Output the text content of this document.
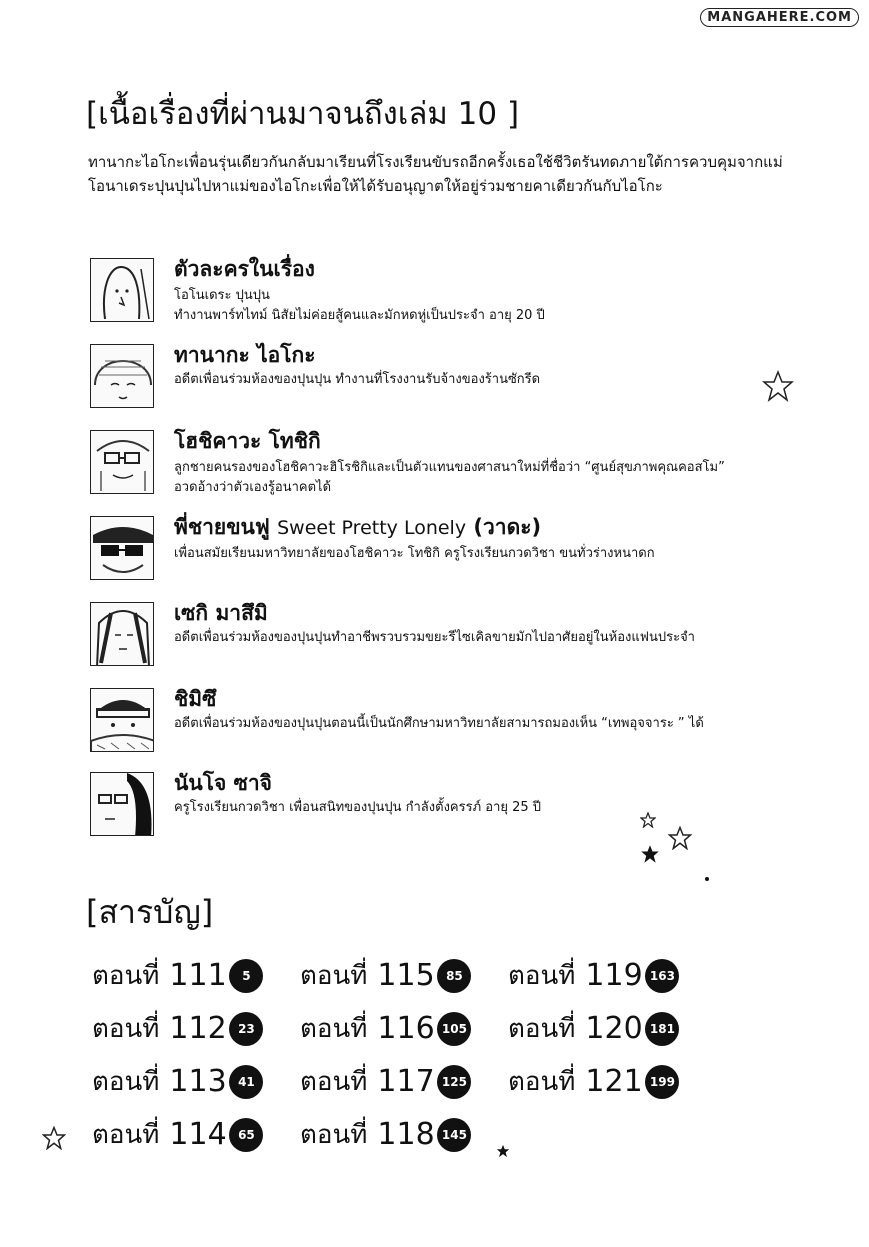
MANGAHERE.COM
[เนื้อเรื่องที่ผ่านมาจนถึงเล่ม 10 ]
ทานากะไอโกะเพื่อนรุ่นเดียวกันกลับมาเรียนที่โรงเรียนขับรถอีกครั้งเธอใช้ชีวิตรันทดภายใต้การควบคุมจากแม่โอนาเดระปุนปุนไปหาแม่ของไอโกะเพื่อให้ได้รับอนุญาตให้อยู่ร่วมชายคาเดียวกันกับไอโกะ
ตัวละครในเรื่อง
โอโนเดระ ปุนปุน
ทำงานพาร์ทไทม์ นิสัยไม่ค่อยสู้คนและมักหดหู่เป็นประจำ อายุ 20 ปี
ทานากะ ไอโกะ
อดีตเพื่อนร่วมห้องของปุนปุน ทำงานที่โรงงานรับจ้างของร้านซักรีด
โฮชิคาวะ โทชิกิ
ลูกชายคนรองของโฮชิคาวะฮิโรชิกิและเป็นตัวแทนของศาสนาใหม่ที่ชื่อว่า “ศูนย์สุขภาพคุณคอสโม”
อวดอ้างว่าตัวเองรู้อนาคตได้
พี่ชายขนฟู Sweet Pretty Lonely (วาดะ)
เพื่อนสมัยเรียนมหาวิทยาลัยของโฮชิคาวะ โทชิกิ ครูโรงเรียนกวดวิชา ขนทั่วร่างหนาดก
เซกิ มาสึมิ
อดีตเพื่อนร่วมห้องของปุนปุนทำอาชีพรวบรวมขยะรีไซเคิลขายมักไปอาศัยอยู่ในห้องแฟนประจำ
ชิมิซึ
อดีตเพื่อนร่วมห้องของปุนปุนตอนนี้เป็นนักศึกษามหาวิทยาลัยสามารถมองเห็น “เทพอุจจาระ ” ได้
นันโจ ซาจิ
ครูโรงเรียนกวดวิชา เพื่อนสนิทของปุนปุน กำลังตั้งครรภ์ อายุ 25 ปี
[สารบัญ]
ตอนที่ 111 5
ตอนที่ 112 23
ตอนที่ 113 41
ตอนที่ 114 65
ตอนที่ 115 85
ตอนที่ 116 105
ตอนที่ 117 125
ตอนที่ 118 145
ตอนที่ 119 163
ตอนที่ 120 181
ตอนที่ 121 199
